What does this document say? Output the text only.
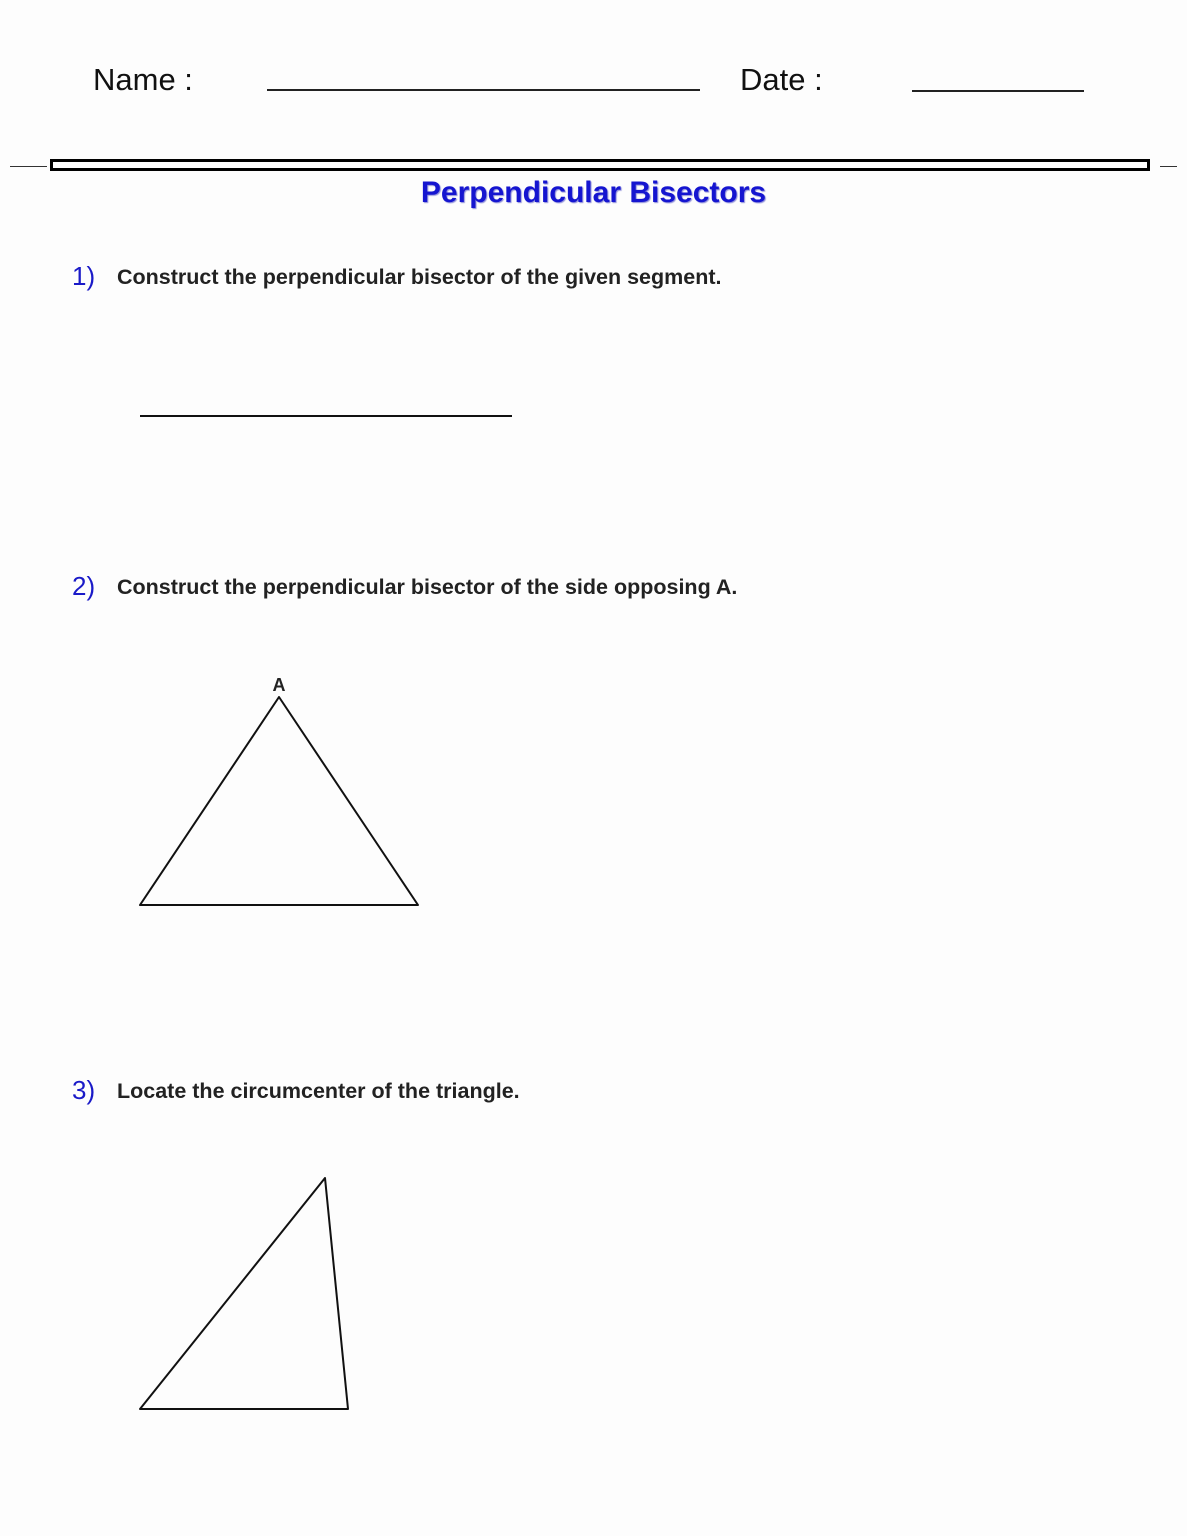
Name :	Date :
Perpendicular Bisectors
1) Construct the perpendicular bisector of the given segment.
2) Construct the perpendicular bisector of the side opposing A.
3) Locate the circumcenter of the triangle.
A
